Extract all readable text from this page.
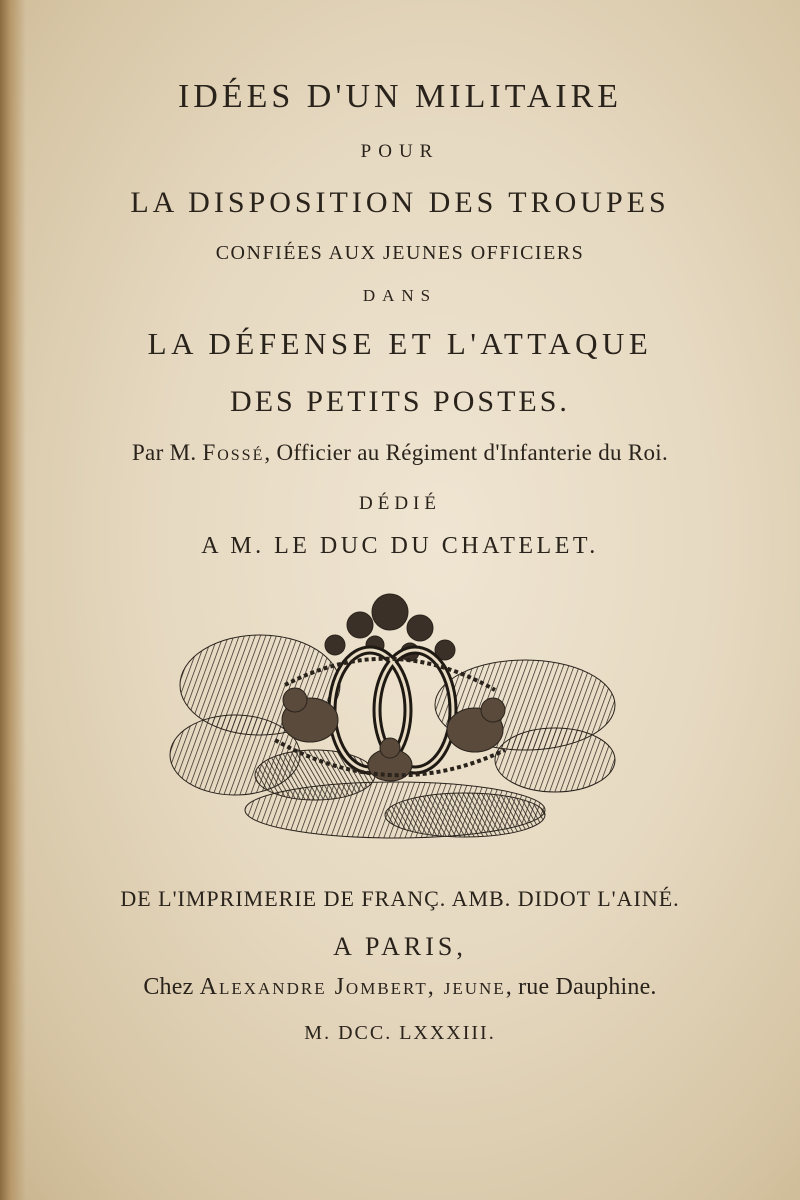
IDÉES D'UN MILITAIRE
POUR
LA DISPOSITION DES TROUPES
CONFIÉES AUX JEUNES OFFICIERS
DANS
LA DÉFENSE ET L'ATTAQUE
DES PETITS POSTES.
Par M. Fossé, Officier au Régiment d'Infanterie du Roi.
DÉDIÉ
A M. LE DUC DU CHATELET.
DE L'IMPRIMERIE DE FRANÇ. AMB. DIDOT L'AINÉ.
A PARIS,
Chez Alexandre Jombert, jeune, rue Dauphine.
M. DCC. LXXXIII.
